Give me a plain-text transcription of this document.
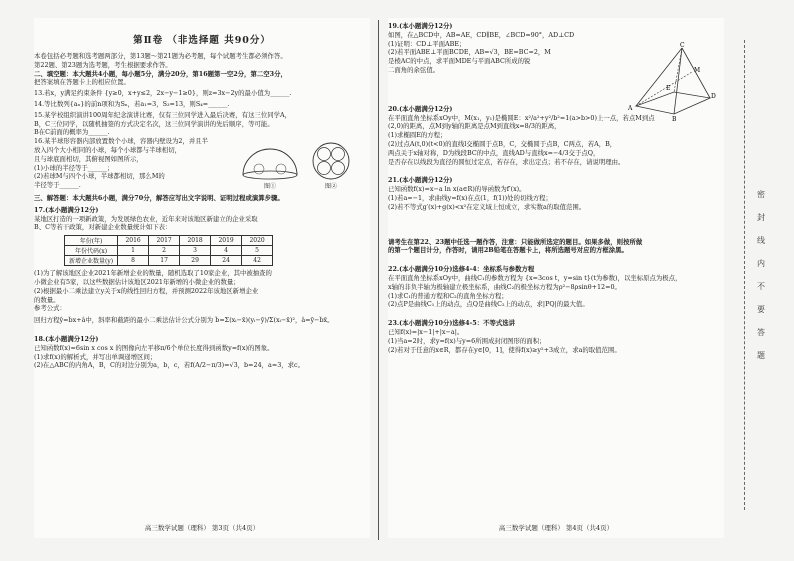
第Ⅱ卷 （非选择题 共90分）

本卷包括必考题和选考题两部分，第13题～第21题为必考题，每个试题考生都必须作答。

第22题、第23题为选考题，考生根据要求作答。

二、填空题：本大题共4小题，每小题5分，满分20分，第16题第一空2分，第二空3分，

把答案填在答题卡上的相应位置。

13.若x，y满足约束条件 {y≥0，x+y≤2，2x−y−1≥0}，则z=3x−2y的最小值为______.

14.等比数列{aₙ}的前n项和为Sₙ，若a₁=3，S₃=13，则S₄=______.

15.某学校组织演讲100周年纪念演讲比赛，仅有三位同学进入最后决赛，有这三位同学A，

B，C三位同学，以随机抽签的方式决定名次，这三位同学演讲的先后顺序，等可能。

B在C前面的概率为______.

16.某半球形容器内部放置数个小球，容器内壁设为2，并且半

放入四个大小相同的小球，每个小球都与半球相切，

且与球底面相切，其俯视图如图所示，

(1)小球的半径等于______；

(2)若球M与四个小球，半球都相切，那么M的

半径等于______.	图①	图②

三、解答题：本大题共6小题，满分70分，解答应写出文字说明、证明过程或演算步骤。

17.(本小题满分12分)

某地区打造的一项新政策，为发展绿色农业，近年来对该地区新建立的企业采取

B、C等若干政策，对新建企业数量统计如下表：

年份(年)	2016	2017	2018	2019	2020
年份代码(x)	1	2	3	4	5
新增企业数量(y)	8	17	29	24	42

(1)为了解该地区企业2021年新增企业的数量，随机选取了10家企业，其中被抽查的

小微企业有5家，以这些数据估计该地区2021年新增的小微企业的数量；

(2)根据最小二乘法建立y关于x的线性回归方程，并预测2022年该地区新增企业

的数量。

参考公式：

回归方程ŷ=b̂x+â中，斜率和截距的最小二乘法估计公式分别为 b̂=Σ(xᵢ−x̄)(yᵢ−ȳ)/Σ(xᵢ−x̄)²，â=ȳ−b̂x̄。

18.(本小题满分12分)

已知函数f(x)=6sin x cos x 的图像向左平移π/6个单位长度得到函数y=f(x)的图象。

(1)求f(x)的解析式，并写出单调递增区间；

(2)在△ABC的内角A，B，C的对边分别为a，b，c，若f(A/2−π/3)=√3，b=24，a=3，求c。

高三数学试题（理科） 第3页（共4页）

19.(本小题满分12分)

如图，在△BCD中，AB=AE，CD∥BE，∠BCD=90°，AD⊥CD

(1)证明：CD⊥平面ABE；

(2)若平面ABE⊥平面BCDE，AB=√3，BE=BC=2，M

是棱AC的中点，求平面MDE与平面ABC所成的锐

二面角的余弦值。

A
B
C
D
E
M

20.(本小题满分12分)

在平面直角坐标系xOy中，M(x₁，y₁)是椭圆E：x²/a²+y²/b²=1(a>b>0)上一点，若点M到点

(2,0)的距离，点M到y轴的距离是点M到直线x=8/3的距离，

(1)求椭圆E的方程；

(2)过点A(t,0)(t<0)的直线l交椭圆于点B，C，交椭圆于点B，C两点，若A，B，

两点关于x轴对称，D为线段BC的中点，直线AD与直线x=−4/3交于点Q，

是否存在以线段为直径的圆恒过定点，若存在，求出定点；若不存在，请说明理由。

21.(本小题满分12分)

已知函数f(x)=x−a ln x(a∈R)的导函数为f′(x)。

(1)若a=−1，求曲线y=f(x)在点(1，f(1))处的切线方程；

(2)若不等式g′(x)+g(x)<x²在定义域上恒成立，求实数a的取值范围。

请考生在第22、23题中任选一题作答，注意：只能做所选定的题目。如果多做，则按所做

的第一个题目计分，作答时，请用2B铅笔在答题卡上，将所选题号对应的方框涂黑。

22.(本小题满分10分)选修4-4：坐标系与参数方程

在平面直角坐标系xOy中，曲线C₁的参数方程为 {x=3cos t，y=sin t}(t为参数)，以坐标原点为极点，

x轴的非负半轴为极轴建立极坐标系，曲线C₂的极坐标方程为ρ²−8ρsinθ+12=0。

(1)求C₁的普通方程和C₂的直角坐标方程；

(2)点P是曲线C₁上的动点，点Q是曲线C₂上的动点，求|PQ|的最大值。

23.(本小题满分10分)选修4-5：不等式选讲

已知f(x)=|x−1|+|x−a|。

(1)当a=2时，求y=f(x)与y=6所围成封闭图形的面积；

(2)若对于任意的x∈R，都存在y∈[0，1]，使得f(x)≥y²+3成立，求a的取值范围。

高三数学试题（理科） 第4页（共4页）

密
封
线
内
不
要
答
题
